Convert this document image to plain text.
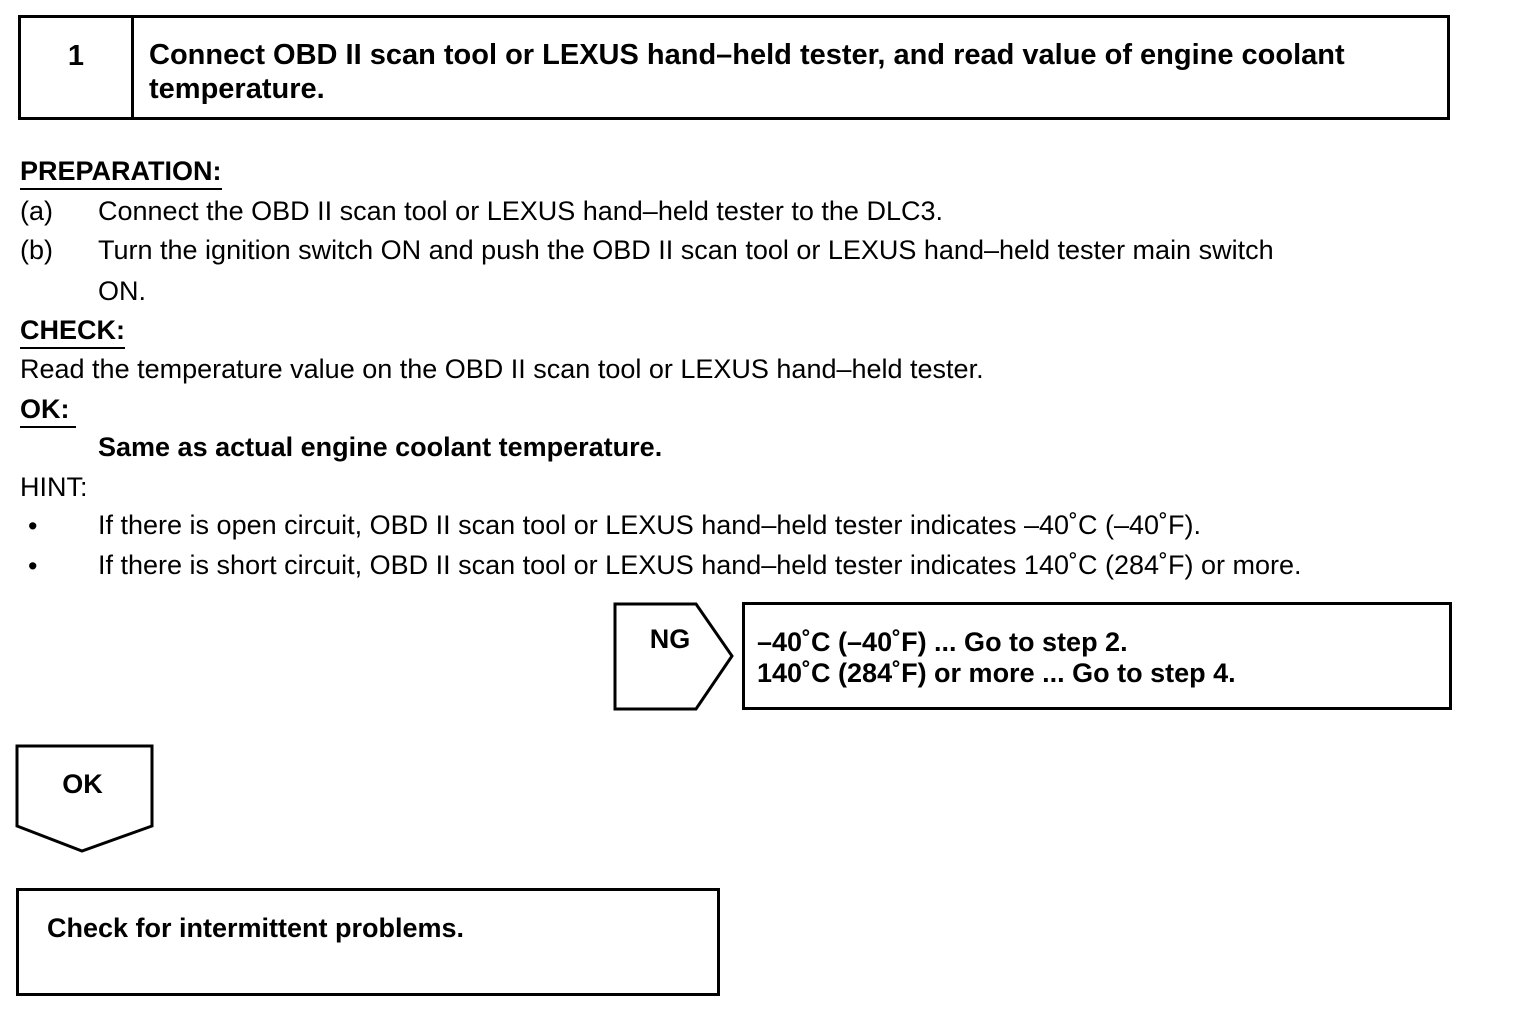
1	Connect OBD II scan tool or LEXUS hand–held tester, and read value of engine coolant temperature.
PREPARATION:
(a) Connect the OBD II scan tool or LEXUS hand–held tester to the DLC3.
(b) Turn the ignition switch ON and push the OBD II scan tool or LEXUS hand–held tester main switch
ON.
CHECK:
Read the temperature value on the OBD II scan tool or LEXUS hand–held tester.
OK:
Same as actual engine coolant temperature.
HINT:
• If there is open circuit, OBD II scan tool or LEXUS hand–held tester indicates –40˚C (–40˚F).
• If there is short circuit, OBD II scan tool or LEXUS hand–held tester indicates 140˚C (284˚F) or more.
NG	–40˚C (–40˚F) ... Go to step 2.
140˚C (284˚F) or more ... Go to step 4.
OK
Check for intermittent problems.
